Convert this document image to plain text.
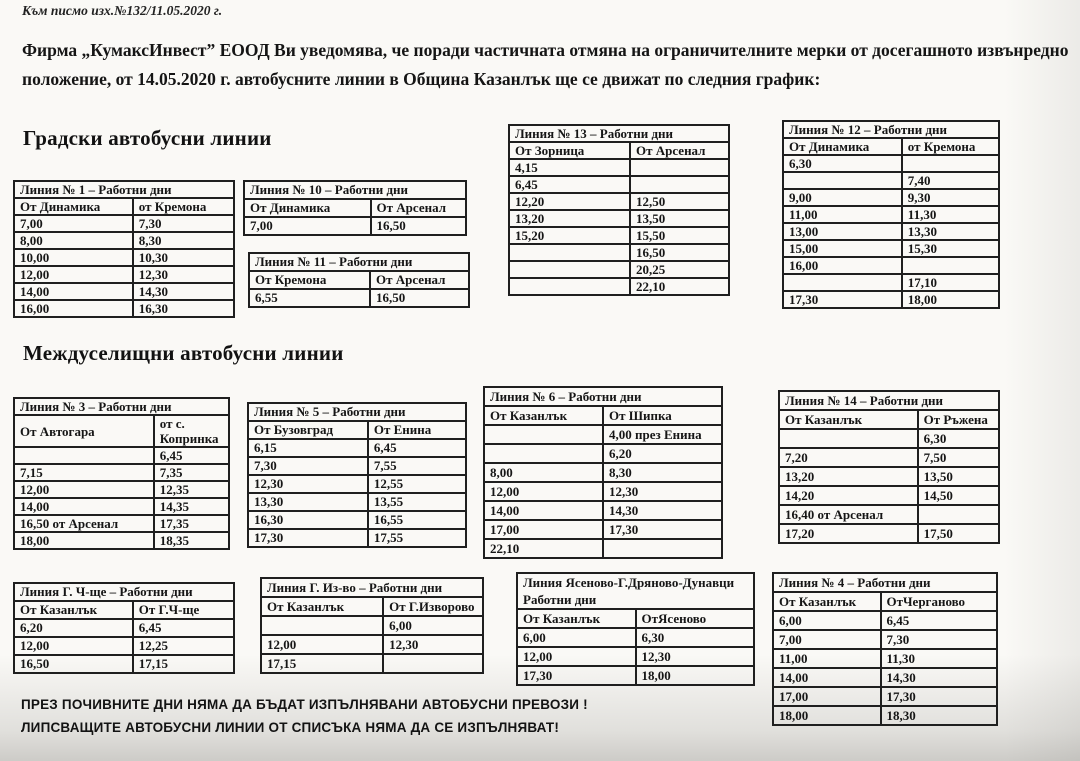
Към писмо изх.№132/11.05.2020 г.
Фирма „КумаксИнвест” ЕООД Ви уведомява, че поради частичната отмяна на ограничителните мерки от досегашното извънредно положение, от 14.05.2020 г. автобусните линии в Община Казанлък ще се движат по следния график:
Градски автобусни линии
Междуселищни автобусни линии
Линия № 1 – Работни дни	
От Динамика	от Кремона
7,00	7,30
8,00	8,30
10,00	10,30
12,00	12,30
14,00	14,30
16,00	16,30
Линия № 10 – Работни дни	
От Динамика	От Арсенал
7,00	16,50
Линия № 11 – Работни дни	
От Кремона	От Арсенал
6,55	16,50
Линия № 13 – Работни дни	
От Зорница	От Арсенал
4,15	
6,45	
12,20	12,50
13,20	13,50
15,20	15,50
	16,50
	20,25
	22,10
Линия № 12 – Работни дни	
От Динамика	от Кремона
6,30	
	7,40
9,00	9,30
11,00	11,30
13,00	13,30
15,00	15,30
16,00	
	17,10
17,30	18,00
Линия № 3 – Работни дни	
От Автогара	от с. Копринка
	6,45
7,15	7,35
12,00	12,35
14,00	14,35
16,50 от Арсенал	17,35
18,00	18,35
Линия № 5 – Работни дни	
От Бузовград	От Енина
6,15	6,45
7,30	7,55
12,30	12,55
13,30	13,55
16,30	16,55
17,30	17,55
Линия № 6 – Работни дни	
От Казанлък	От Шипка
	4,00 през Енина
	6,20
8,00	8,30
12,00	12,30
14,00	14,30
17,00	17,30
22,10	
Линия № 14 – Работни дни	
От Казанлък	От Ръжена
	6,30
7,20	7,50
13,20	13,50
14,20	14,50
16,40 от Арсенал	
17,20	17,50
Линия Г. Ч-ще – Работни дни	
От Казанлък	От Г.Ч-ще
6,20	6,45
12,00	12,25
16,50	17,15
Линия Г. Из-во – Работни дни	
От Казанлък	От Г.Изворово
	6,00
12,00	12,30
17,15	
Линия Ясеново-Г.Дряново-Дунавци
Работни дни	

От Казанлък	ОтЯсеново
6,00	6,30
12,00	12,30
17,30	18,00
Линия № 4 – Работни дни	
От Казанлък	ОтЧерганово
6,00	6,45
7,00	7,30
11,00	11,30
14,00	14,30
17,00	17,30
18,00	18,30
ПРЕЗ ПОЧИВНИТЕ ДНИ НЯМА ДА БЪДАТ ИЗПЪЛНЯВАНИ АВТОБУСНИ ПРЕВОЗИ !
ЛИПСВАЩИТЕ АВТОБУСНИ ЛИНИИ ОТ СПИСЪКА НЯМА ДА СЕ ИЗПЪЛНЯВАТ!
